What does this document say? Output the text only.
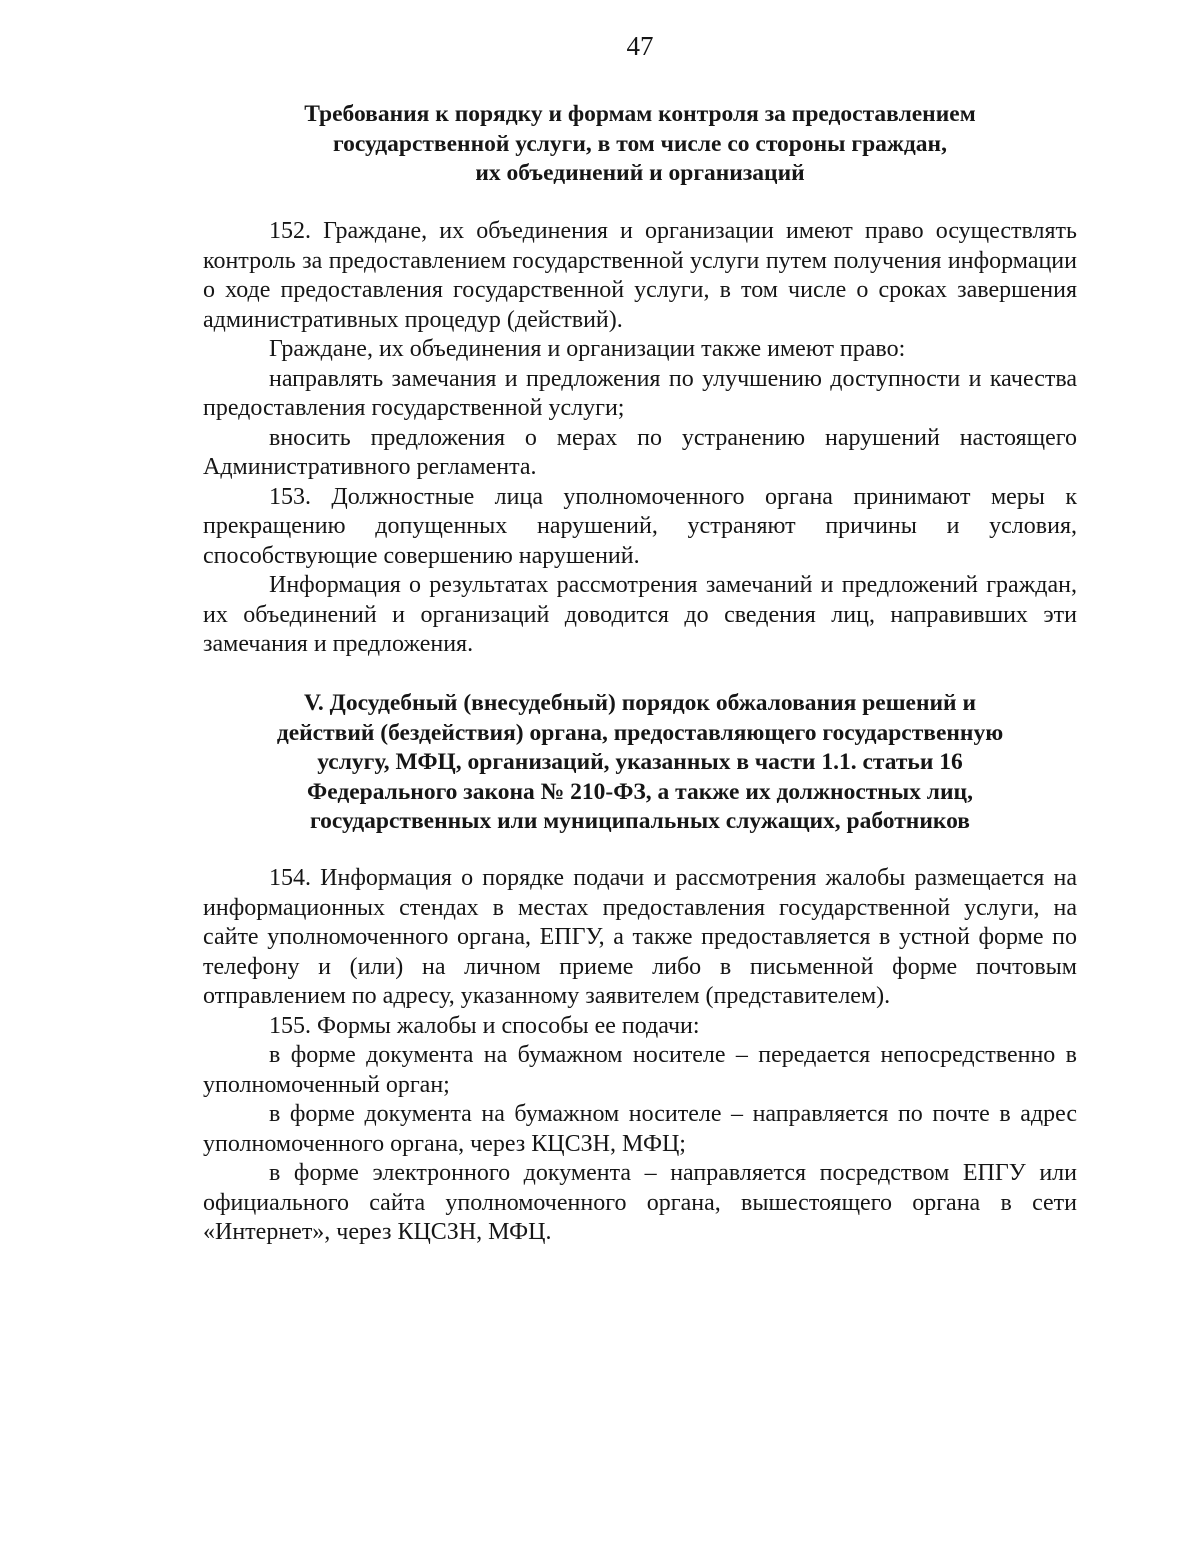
47
Требования к порядку и формам контроля за предоставлением
государственной услуги, в том числе со стороны граждан,
их объединений и организаций

152. Граждане, их объединения и организации имеют право осуществлять контроль за предоставлением государственной услуги путем получения информации о ходе предоставления государственной услуги, в том числе о сроках завершения административных процедур (действий).

Граждане, их объединения и организации также имеют право:

направлять замечания и предложения по улучшению доступности и качества предоставления государственной услуги;

вносить предложения о мерах по устранению нарушений настоящего Административного регламента.

153. Должностные лица уполномоченного органа принимают меры к прекращению допущенных нарушений, устраняют причины и условия, способствующие совершению нарушений.

Информация о результатах рассмотрения замечаний и предложений граждан, их объединений и организаций доводится до сведения лиц, направивших эти замечания и предложения.

V. Досудебный (внесудебный) порядок обжалования решений и
действий (бездействия) органа, предоставляющего государственную
услугу, МФЦ, организаций, указанных в части 1.1. статьи 16
Федерального закона № 210-ФЗ, а также их должностных лиц,
государственных или муниципальных служащих, работников

154. Информация о порядке подачи и рассмотрения жалобы размещается на информационных стендах в местах предоставления государственной услуги, на сайте уполномоченного органа, ЕПГУ, а также предоставляется в устной форме по телефону и (или) на личном приеме либо в письменной форме почтовым отправлением по адресу, указанному заявителем (представителем).

155. Формы жалобы и способы ее подачи:

в форме документа на бумажном носителе – передается непосредственно в уполномоченный орган;

в форме документа на бумажном носителе – направляется по почте в адрес уполномоченного органа, через КЦСЗН, МФЦ;

в форме электронного документа – направляется посредством ЕПГУ или официального сайта уполномоченного органа, вышестоящего органа в сети «Интернет», через КЦСЗН, МФЦ.
